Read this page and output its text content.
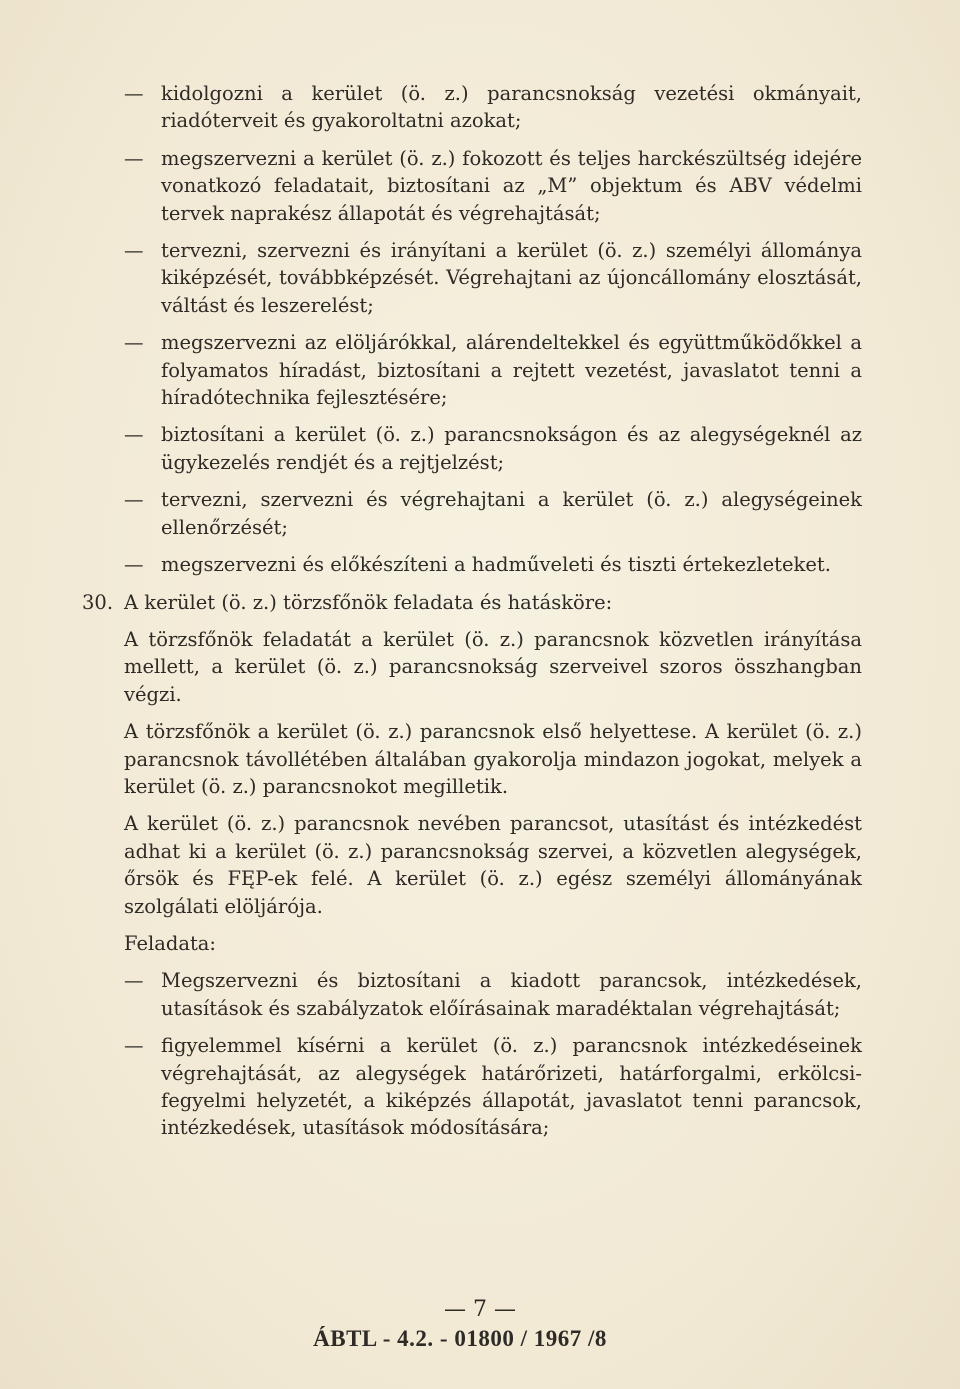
— kidolgozni a kerület (ö. z.) parancsnokság vezetési okmányait, riadóterveit és gyakoroltatni azokat;
— megszervezni a kerület (ö. z.) fokozott és teljes harckészültség idejére vonatkozó feladatait, biztosítani az „M” objektum és ABV védelmi tervek naprakész állapotát és végrehajtását;
— tervezni, szervezni és irányítani a kerület (ö. z.) személyi állománya kiképzését, továbbképzését. Végrehajtani az újoncállomány elosztását, váltást és leszerelést;
— megszervezni az elöljárókkal, alárendeltekkel és együttműködőkkel a folyamatos híradást, biztosítani a rejtett vezetést, javaslatot tenni a híradótechnika fejlesztésére;
— biztosítani a kerület (ö. z.) parancsnokságon és az alegységeknél az ügykezelés rendjét és a rejtjelzést;
— tervezni, szervezni és végrehajtani a kerület (ö. z.) alegységeinek ellenőrzését;
— megszervezni és előkészíteni a hadműveleti és tiszti értekezleteket.
30. A kerület (ö. z.) törzsfőnök feladata és hatásköre:
A törzsfőnök feladatát a kerület (ö. z.) parancsnok közvetlen irányítása mellett, a kerület (ö. z.) parancsnokság szerveivel szoros összhangban végzi.
A törzsfőnök a kerület (ö. z.) parancsnok első helyettese. A kerület (ö. z.) parancsnok távollétében általában gyakorolja mindazon jogokat, melyek a kerület (ö. z.) parancsnokot megilletik.
A kerület (ö. z.) parancsnok nevében parancsot, utasítást és intézkedést adhat ki a kerület (ö. z.) parancsnokság szervei, a közvetlen alegységek, őrsök és FĘP-ek felé. A kerület (ö. z.) egész személyi állományának szolgálati elöljárója.
Feladata:
— Megszervezni és biztosítani a kiadott parancsok, intézkedések, utasítások és szabályzatok előírásainak maradéktalan végrehajtását;
— figyelemmel kísérni a kerület (ö. z.) parancsnok intézkedéseinek végrehajtását, az alegységek határőrizeti, határforgalmi, erkölcsi-fegyelmi helyzetét, a kiképzés állapotát, javaslatot tenni parancsok, intézkedések, utasítások módosítására;
— 7 —
ÁBTL - 4.2. - 01800 / 1967 /8
